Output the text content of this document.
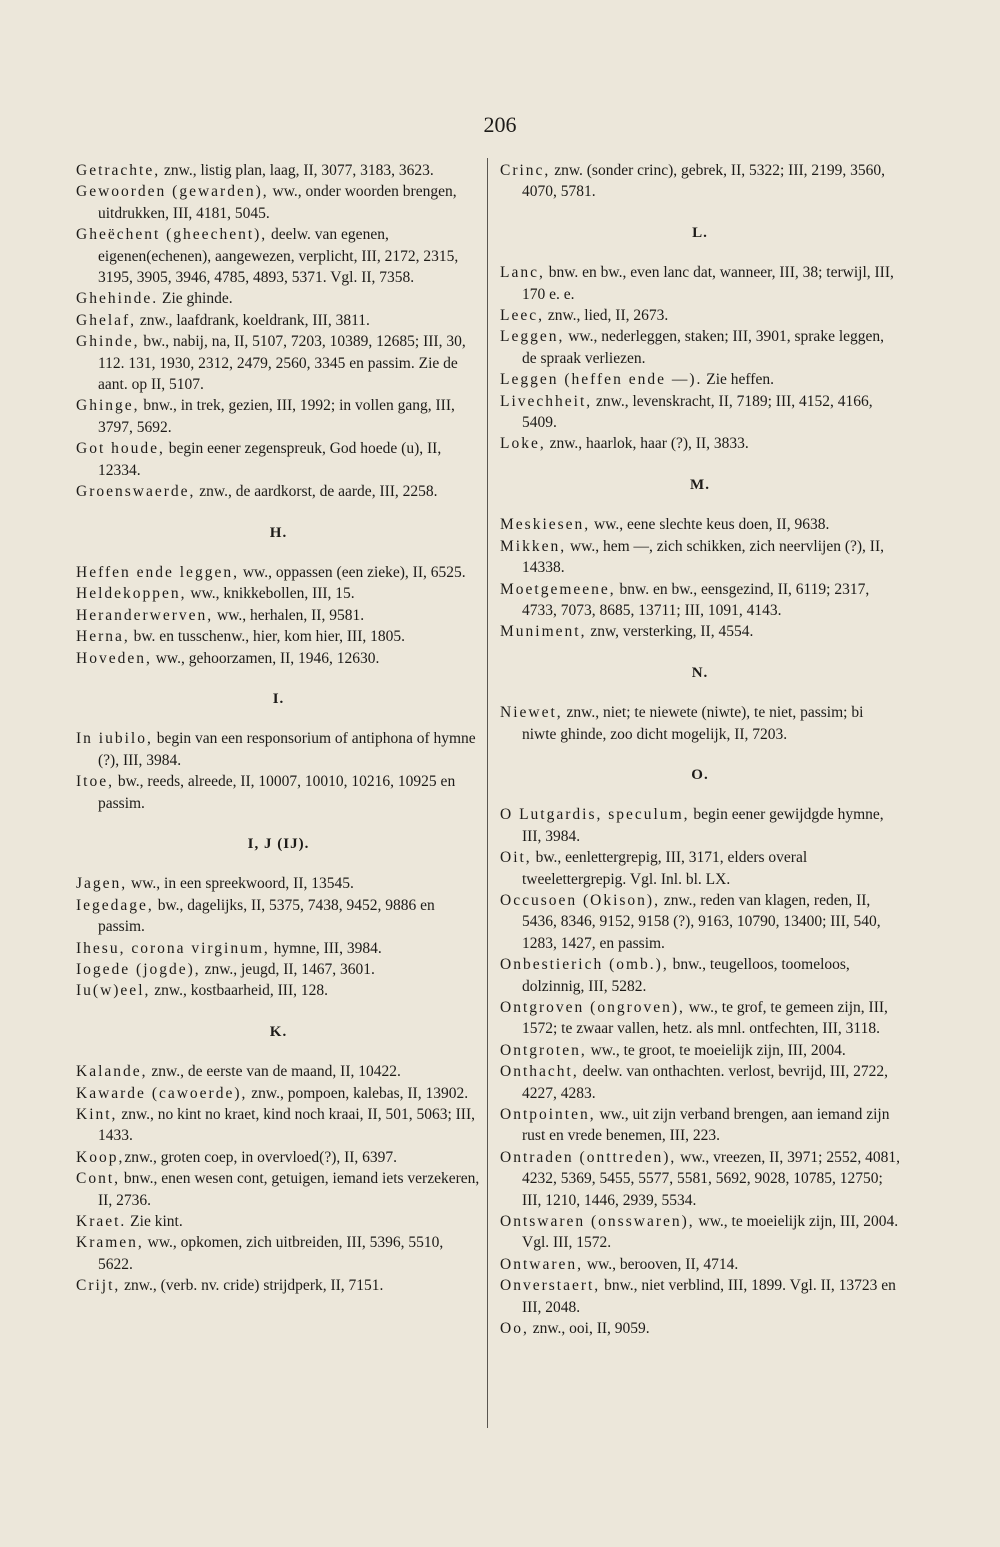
206
Getrachte, znw., listig plan, laag, II, 3077, 3183, 3623.
Gewoorden (gewarden), ww., onder woorden brengen, uitdrukken, III, 4181, 5045.
Gheëchent (gheechent), deelw. van egenen, eigenen(echenen), aangewezen, verplicht, III, 2172, 2315, 3195, 3905, 3946, 4785, 4893, 5371. Vgl. II, 7358.
Ghehinde. Zie ghinde.
Ghelaf, znw., laafdrank, koeldrank, III, 3811.
Ghinde, bw., nabij, na, II, 5107, 7203, 10389, 12685; III, 30, 112. 131, 1930, 2312, 2479, 2560, 3345 en passim. Zie de aant. op II, 5107.
Ghinge, bnw., in trek, gezien, III, 1992; in vollen gang, III, 3797, 5692.
Got houde, begin eener zegenspreuk, God hoede (u), II, 12334.
Groenswaerde, znw., de aardkorst, de aarde, III, 2258.
H.
Heffen ende leggen, ww., oppassen (een zieke), II, 6525.
Heldekoppen, ww., knikkebollen, III, 15.
Heranderwerven, ww., herhalen, II, 9581.
Herna, bw. en tusschenw., hier, kom hier, III, 1805.
Hoveden, ww., gehoorzamen, II, 1946, 12630.
I.
In iubilo, begin van een responsorium of antiphona of hymne (?), III, 3984.
Itoe, bw., reeds, alreede, II, 10007, 10010, 10216, 10925 en passim.
I, J (IJ).
Jagen, ww., in een spreekwoord, II, 13545.
Iegedage, bw., dagelijks, II, 5375, 7438, 9452, 9886 en passim.
Ihesu, corona virginum, hymne, III, 3984.
Iogede (jogde), znw., jeugd, II, 1467, 3601.
Iu(w)eel, znw., kostbaarheid, III, 128.
K.
Kalande, znw., de eerste van de maand, II, 10422.
Kawarde (cawoerde), znw., pompoen, kalebas, II, 13902.
Kint, znw., no kint no kraet, kind noch kraai, II, 501, 5063; III, 1433.
Koop,znw., groten coep, in overvloed(?), II, 6397.
Cont, bnw., enen wesen cont, getuigen, iemand iets verzekeren, II, 2736.
Kraet. Zie kint.
Kramen, ww., opkomen, zich uitbreiden, III, 5396, 5510, 5622.
Crijt, znw., (verb. nv. cride) strijdperk, II, 7151.
Crinc, znw. (sonder crinc), gebrek, II, 5322; III, 2199, 3560, 4070, 5781.
L.
Lanc, bnw. en bw., even lanc dat, wanneer, III, 38; terwijl, III, 170 e. e.
Leec, znw., lied, II, 2673.
Leggen, ww., nederleggen, staken; III, 3901, sprake leggen, de spraak verliezen.
Leggen (heffen ende —). Zie heffen.
Livechheit, znw., levenskracht, II, 7189; III, 4152, 4166, 5409.
Loke, znw., haarlok, haar (?), II, 3833.
M.
Meskiesen, ww., eene slechte keus doen, II, 9638.
Mikken, ww., hem —, zich schikken, zich neervlijen (?), II, 14338.
Moetgemeene, bnw. en bw., eensgezind, II, 6119; 2317, 4733, 7073, 8685, 13711; III, 1091, 4143.
Muniment, znw, versterking, II, 4554.
N.
Niewet, znw., niet; te niewete (niwte), te niet, passim; bi niwte ghinde, zoo dicht mogelijk, II, 7203.
O.
O Lutgardis, speculum, begin eener gewijdgde hymne, III, 3984.
Oit, bw., eenlettergrepig, III, 3171, elders overal tweelettergrepig. Vgl. Inl. bl. LX.
Occusoen (Okison), znw., reden van klagen, reden, II, 5436, 8346, 9152, 9158 (?), 9163, 10790, 13400; III, 540, 1283, 1427, en passim.
Onbestierich (omb.), bnw., teugelloos, toomeloos, dolzinnig, III, 5282.
Ontgroven (ongroven), ww., te grof, te gemeen zijn, III, 1572; te zwaar vallen, hetz. als mnl. ontfechten, III, 3118.
Ontgroten, ww., te groot, te moeielijk zijn, III, 2004.
Onthacht, deelw. van onthachten. verlost, bevrijd, III, 2722, 4227, 4283.
Ontpointen, ww., uit zijn verband brengen, aan iemand zijn rust en vrede benemen, III, 223.
Ontraden (onttreden), ww., vreezen, II, 3971; 2552, 4081, 4232, 5369, 5455, 5577, 5581, 5692, 9028, 10785, 12750; III, 1210, 1446, 2939, 5534.
Ontswaren (onsswaren), ww., te moeielijk zijn, III, 2004. Vgl. III, 1572.
Ontwaren, ww., berooven, II, 4714.
Onverstaert, bnw., niet verblind, III, 1899. Vgl. II, 13723 en III, 2048.
Oo, znw., ooi, II, 9059.
